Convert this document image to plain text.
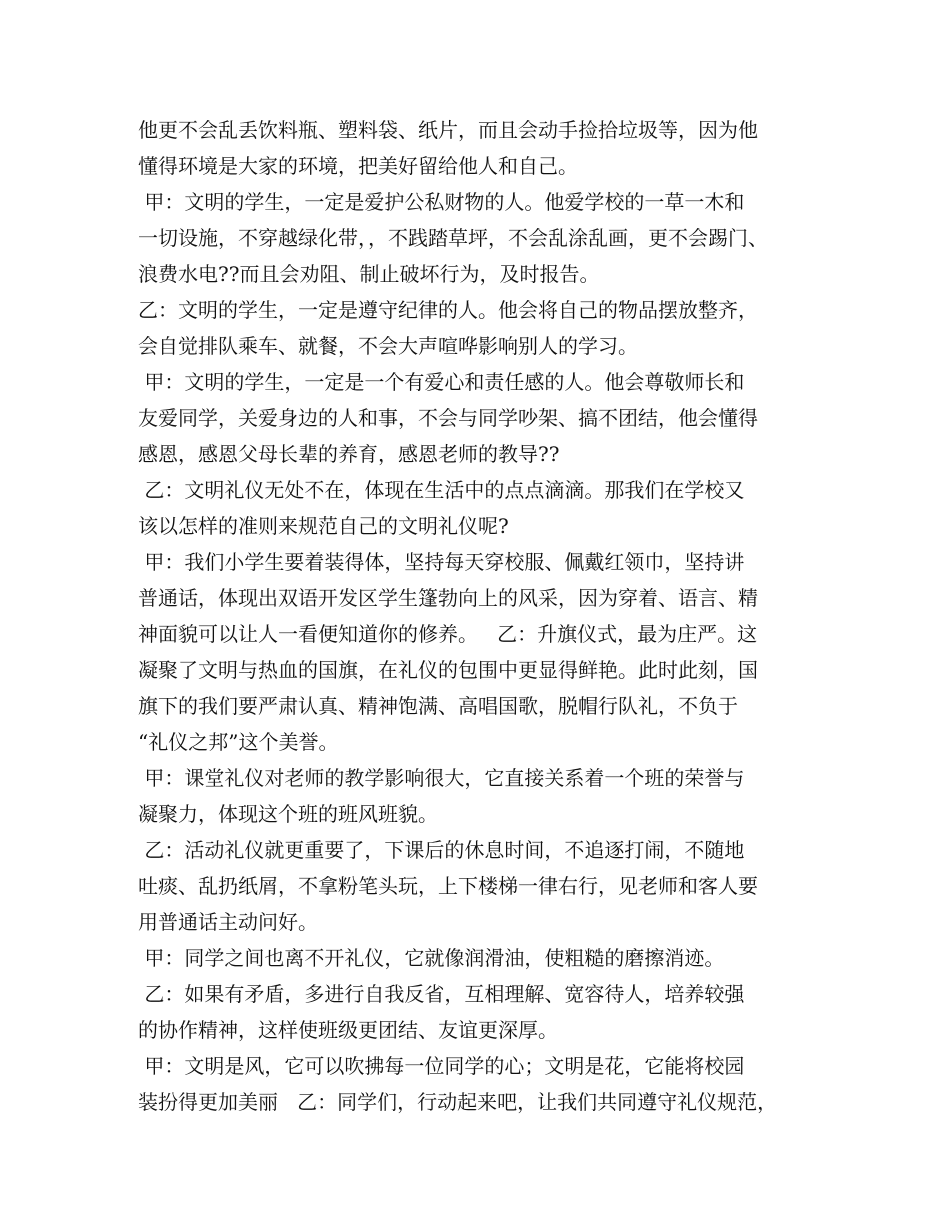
他更不会乱丢饮料瓶、塑料袋、纸片，而且会动手捡拾垃圾等，因为他
懂得环境是大家的环境，把美好留给他人和自己。
甲：文明的学生，一定是爱护公私财物的人。他爱学校的一草一木和
一切设施，不穿越绿化带，，不践踏草坪，不会乱涂乱画，更不会踢门、
浪费水电??而且会劝阻、制止破坏行为，及时报告。
乙：文明的学生，一定是遵守纪律的人。他会将自己的物品摆放整齐，
会自觉排队乘车、就餐，不会大声喧哗影响别人的学习。
甲：文明的学生，一定是一个有爱心和责任感的人。他会尊敬师长和
友爱同学，关爱身边的人和事，不会与同学吵架、搞不团结，他会懂得
感恩，感恩父母长辈的养育，感恩老师的教导??
乙：文明礼仪无处不在，体现在生活中的点点滴滴。那我们在学校又
该以怎样的准则来规范自己的文明礼仪呢?
甲：我们小学生要着装得体，坚持每天穿校服、佩戴红领巾，坚持讲
普通话，体现出双语开发区学生篷勃向上的风采，因为穿着、语言、精
神面貌可以让人一看便知道你的修养。   乙：升旗仪式，最为庄严。这
凝聚了文明与热血的国旗，在礼仪的包围中更显得鲜艳。此时此刻，国
旗下的我们要严肃认真、精神饱满、高唱国歌，脱帽行队礼，不负于
“礼仪之邦”这个美誉。
甲：课堂礼仪对老师的教学影响很大，它直接关系着一个班的荣誉与
凝聚力，体现这个班的班风班貌。
乙：活动礼仪就更重要了，下课后的休息时间，不追逐打闹，不随地
吐痰、乱扔纸屑，不拿粉笔头玩，上下楼梯一律右行，见老师和客人要
用普通话主动问好。
甲：同学之间也离不开礼仪，它就像润滑油，使粗糙的磨擦消迹。
乙：如果有矛盾，多进行自我反省，互相理解、宽容待人，培养较强
的协作精神，这样使班级更团结、友谊更深厚。
甲：文明是风，它可以吹拂每一位同学的心；文明是花，它能将校园
装扮得更加美丽   乙：同学们，行动起来吧，让我们共同遵守礼仪规范，
